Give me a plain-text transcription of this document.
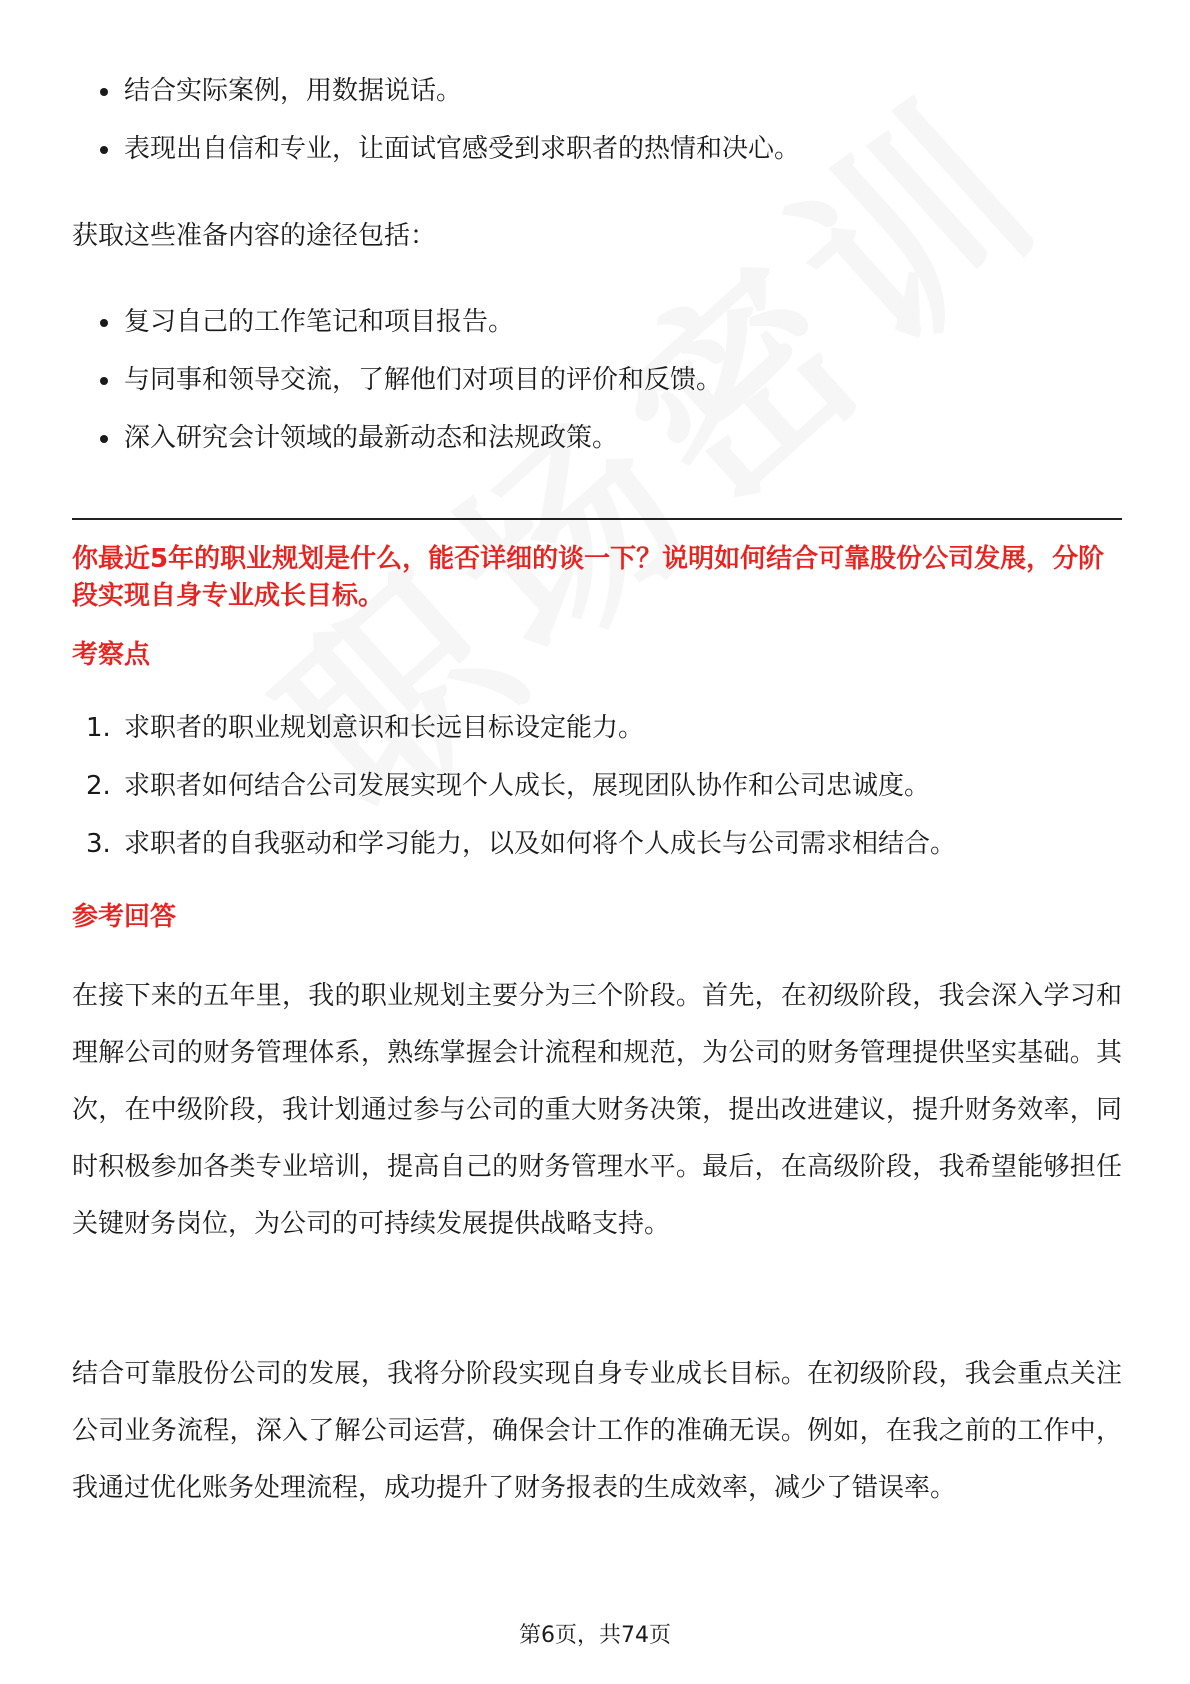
结合实际案例，用数据说话。
表现出自信和专业，让面试官感受到求职者的热情和决心。

获取这些准备内容的途径包括：

复习自己的工作笔记和项目报告。
与同事和领导交流，了解他们对项目的评价和反馈。
深入研究会计领域的最新动态和法规政策。
你最近5年的职业规划是什么，能否详细的谈一下？说明如何结合可靠股份公司发展，分阶段实现自身专业成长目标。
考察点
1. 求职者的职业规划意识和长远目标设定能力。
2. 求职者如何结合公司发展实现个人成长，展现团队协作和公司忠诚度。
3. 求职者的自我驱动和学习能力，以及如何将个人成长与公司需求相结合。
参考回答

在接下来的五年里，我的职业规划主要分为三个阶段。首先，在初级阶段，我会深入学习和理解公司的财务管理体系，熟练掌握会计流程和规范，为公司的财务管理提供坚实基础。其次，在中级阶段，我计划通过参与公司的重大财务决策，提出改进建议，提升财务效率，同时积极参加各类专业培训，提高自己的财务管理水平。最后，在高级阶段，我希望能够担任关键财务岗位，为公司的可持续发展提供战略支持。

结合可靠股份公司的发展，我将分阶段实现自身专业成长目标。在初级阶段，我会重点关注公司业务流程，深入了解公司运营，确保会计工作的准确无误。例如，在我之前的工作中，我通过优化账务处理流程，成功提升了财务报表的生成效率，减少了错误率。

第6页，共74页
